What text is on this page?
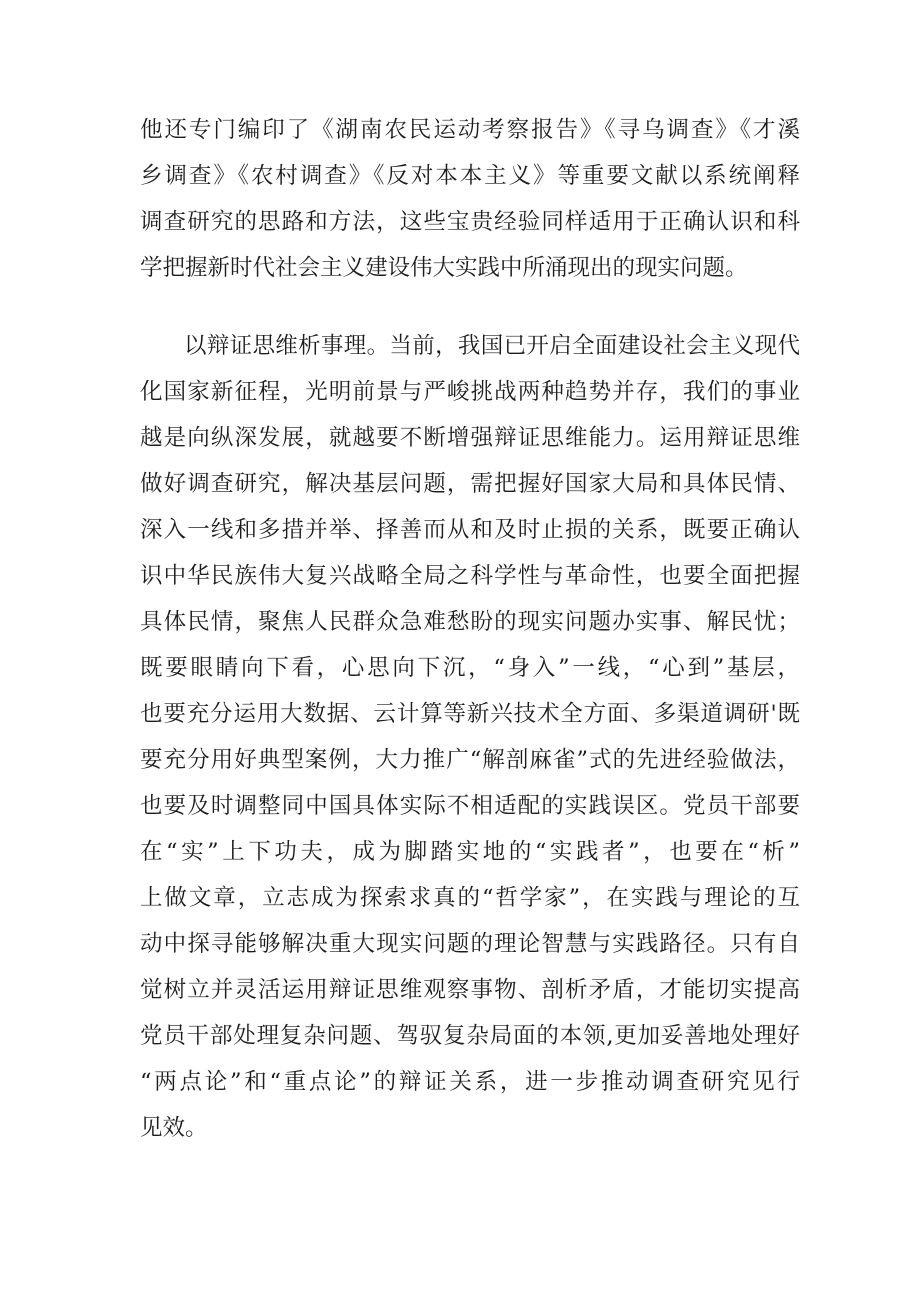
他还专门编印了《湖南农民运动考察报告》《寻乌调查》《才溪
乡调查》《农村调查》《反对本本主义》等重要文献以系统阐释
调查研究的思路和方法，这些宝贵经验同样适用于正确认识和科
学把握新时代社会主义建设伟大实践中所涌现出的现实问题。
以辩证思维析事理。当前，我国已开启全面建设社会主义现代
化国家新征程，光明前景与严峻挑战两种趋势并存，我们的事业
越是向纵深发展，就越要不断增强辩证思维能力。运用辩证思维
做好调查研究，解决基层问题，需把握好国家大局和具体民情、
深入一线和多措并举、择善而从和及时止损的关系，既要正确认
识中华民族伟大复兴战略全局之科学性与革命性，也要全面把握
具体民情，聚焦人民群众急难愁盼的现实问题办实事、解民忧；
既要眼睛向下看，心思向下沉，“身入”一线，“心到”基层，
也要充分运用大数据、云计算等新兴技术全方面、多渠道调研'既
要充分用好典型案例，大力推广“解剖麻雀”式的先进经验做法，
也要及时调整同中国具体实际不相适配的实践误区。党员干部要
在“实”上下功夫，成为脚踏实地的“实践者”，也要在“析”
上做文章，立志成为探索求真的“哲学家”，在实践与理论的互
动中探寻能够解决重大现实问题的理论智慧与实践路径。只有自
觉树立并灵活运用辩证思维观察事物、剖析矛盾，才能切实提高
党员干部处理复杂问题、驾驭复杂局面的本领,更加妥善地处理好
“两点论”和“重点论”的辩证关系，进一步推动调查研究见行
见效。
